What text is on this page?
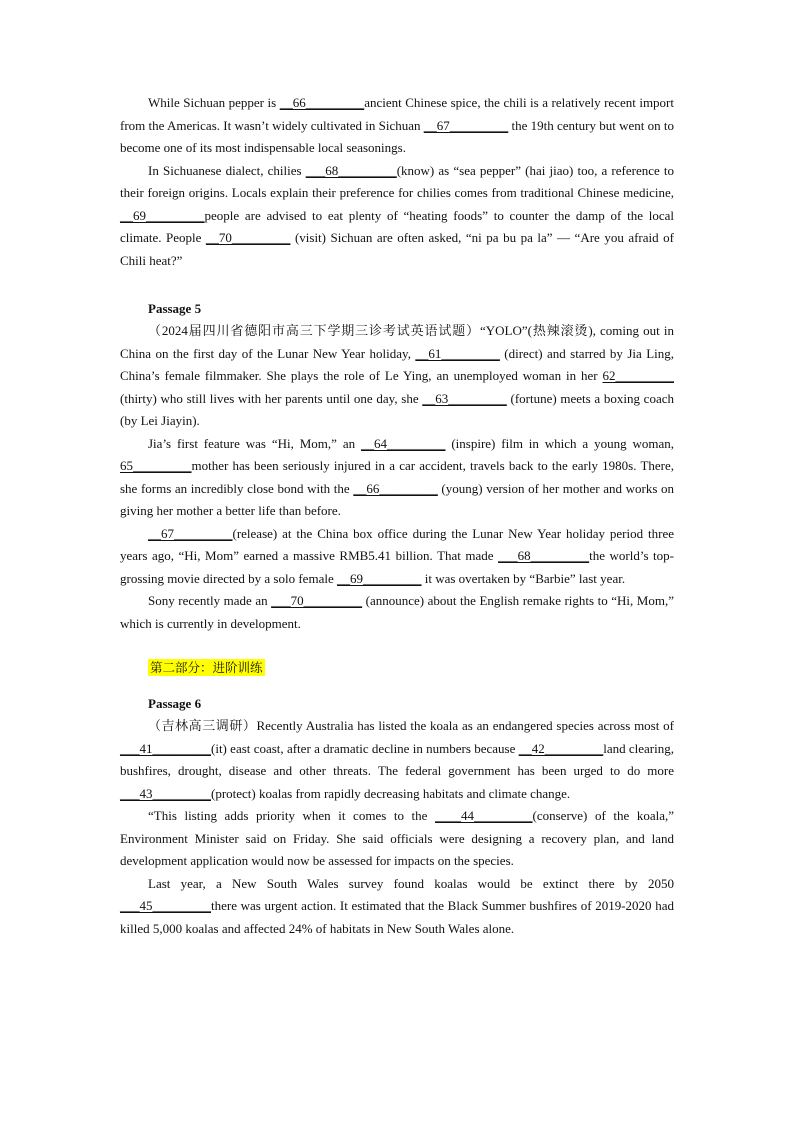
While Sichuan pepper is __66_________ancient Chinese spice, the chili is a relatively recent import from the Americas. It wasn’t widely cultivated in Sichuan __67_________ the 19th century but went on to become one of its most indispensable local seasonings.

In Sichuanese dialect, chilies ___68_________(know) as “sea pepper” (hai jiao) too, a reference to their foreign origins. Locals explain their preference for chilies comes from traditional Chinese medicine, __69_________people are advised to eat plenty of “heating foods” to counter the damp of the local climate. People __70_________ (visit) Sichuan are often asked, “ni pa bu pa la” — “Are you afraid of Chili heat?”

Passage 5

（2024届四川省德阳市高三下学期三诊考试英语试题）“YOLO”(热辣滚烫), coming out in China on the first day of the Lunar New Year holiday, __61_________ (direct) and starred by Jia Ling, China’s female filmmaker. She plays the role of Le Ying, an unemployed woman in her 62_________ (thirty) who still lives with her parents until one day, she __63_________ (fortune) meets a boxing coach (by Lei Jiayin).

Jia’s first feature was “Hi, Mom,” an __64_________ (inspire) film in which a young woman, 65_________mother has been seriously injured in a car accident, travels back to the early 1980s. There, she forms an incredibly close bond with the __66_________ (young) version of her mother and works on giving her mother a better life than before.

__67_________(release) at the China box office during the Lunar New Year holiday period three years ago, “Hi, Mom” earned a massive RMB5.41 billion. That made ___68_________the world’s top-grossing movie directed by a solo female __69_________ it was overtaken by “Barbie” last year.

Sony recently made an ___70_________ (announce) about the English remake rights to “Hi, Mom,” which is currently in development.

第二部分：进阶训练

Passage 6

（吉林高三调研）Recently Australia has listed the koala as an endangered species across most of ___41_________(it) east coast, after a dramatic decline in numbers because __42_________land clearing, bushfires, drought, disease and other threats. The federal government has been urged to do more ___43_________(protect) koalas from rapidly decreasing habitats and climate change.

“This listing adds priority when it comes to the ____44_________(conserve) of the koala,” Environment Minister said on Friday. She said officials were designing a recovery plan, and land development application would now be assessed for impacts on the species.

Last year, a New South Wales survey found koalas would be extinct there by 2050 ___45_________there was urgent action. It estimated that the Black Summer bushfires of 2019-2020 had killed 5,000 koalas and affected 24% of habitats in New South Wales alone.
